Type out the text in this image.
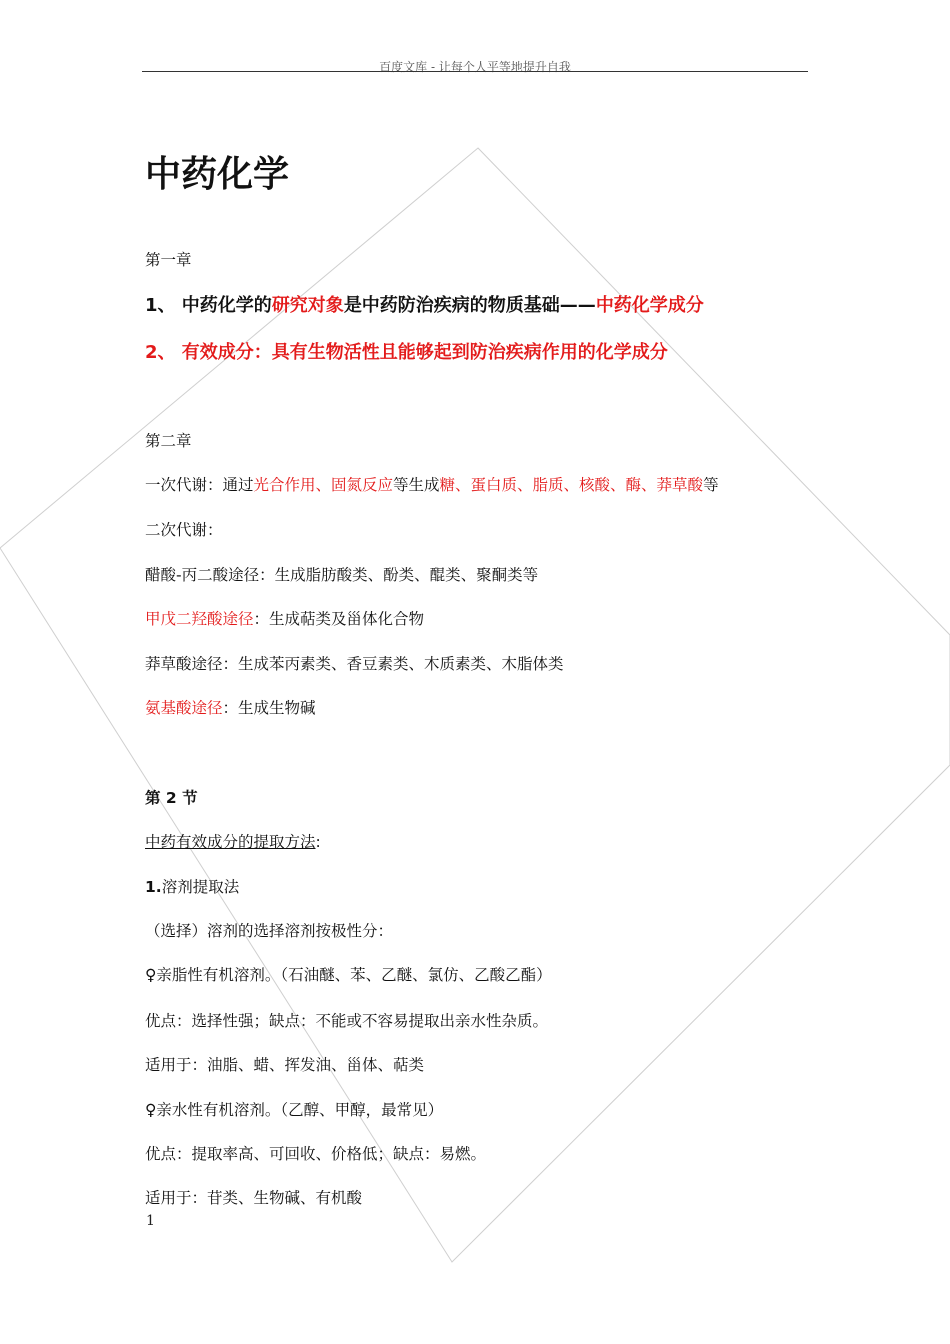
百度文库 - 让每个人平等地提升自我
中药化学
第一章
1、 中药化学的研究对象是中药防治疾病的物质基础——中药化学成分
2、 有效成分：具有生物活性且能够起到防治疾病作用的化学成分
第二章
一次代谢：通过光合作用、固氮反应等生成糖、蛋白质、脂质、核酸、酶、莽草酸等
二次代谢：
醋酸-丙二酸途径：生成脂肪酸类、酚类、醌类、聚酮类等
甲戊二羟酸途径：生成萜类及甾体化合物
莽草酸途径：生成苯丙素类、香豆素类、木质素类、木脂体类
氨基酸途径：生成生物碱
第 2 节
中药有效成分的提取方法:
1.溶剂提取法
（选择）溶剂的选择溶剂按极性分：
♀亲脂性有机溶剂。（石油醚、苯、乙醚、氯仿、乙酸乙酯）
优点：选择性强；缺点：不能或不容易提取出亲水性杂质。
适用于：油脂、蜡、挥发油、甾体、萜类
♀亲水性有机溶剂。（乙醇、甲醇，最常见）
优点：提取率高、可回收、价格低；缺点：易燃。
适用于：苷类、生物碱、有机酸
1
